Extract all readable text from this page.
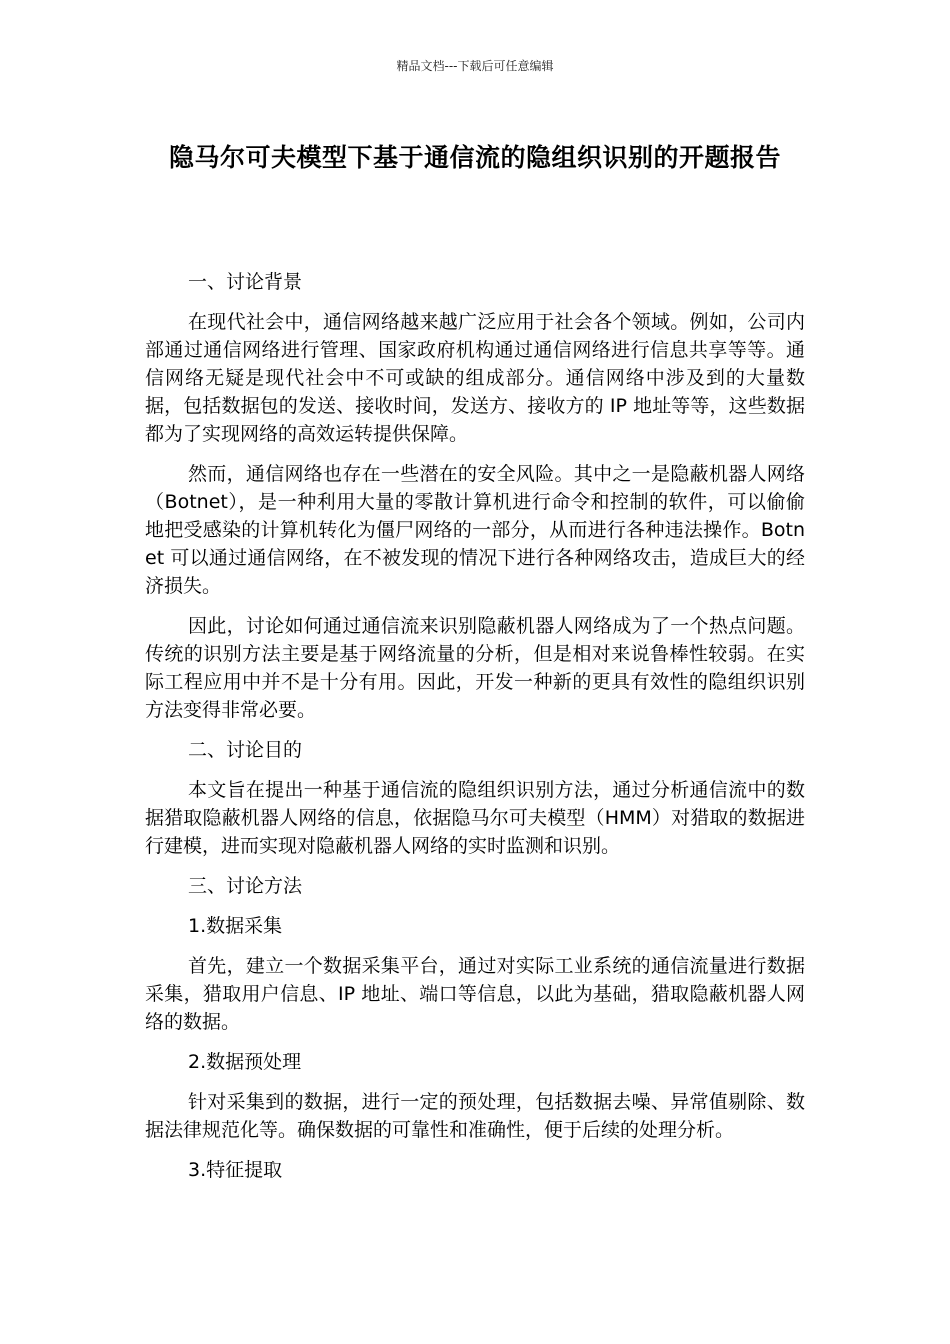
精品文档---下载后可任意编辑
隐马尔可夫模型下基于通信流的隐组织识别的开题报告
一、讨论背景

在现代社会中，通信网络越来越广泛应用于社会各个领域。例如，公司内部通过通信网络进行管理、国家政府机构通过通信网络进行信息共享等等。通信网络无疑是现代社会中不可或缺的组成部分。通信网络中涉及到的大量数据，包括数据包的发送、接收时间，发送方、接收方的 IP 地址等等，这些数据都为了实现网络的高效运转提供保障。

然而，通信网络也存在一些潜在的安全风险。其中之一是隐蔽机器人网络（Botnet），是一种利用大量的零散计算机进行命令和控制的软件，可以偷偷地把受感染的计算机转化为僵尸网络的一部分，从而进行各种违法操作。Botnet 可以通过通信网络，在不被发现的情况下进行各种网络攻击，造成巨大的经济损失。

因此，讨论如何通过通信流来识别隐蔽机器人网络成为了一个热点问题。传统的识别方法主要是基于网络流量的分析，但是相对来说鲁棒性较弱。在实际工程应用中并不是十分有用。因此，开发一种新的更具有效性的隐组织识别方法变得非常必要。

二、讨论目的

本文旨在提出一种基于通信流的隐组织识别方法，通过分析通信流中的数据猎取隐蔽机器人网络的信息，依据隐马尔可夫模型（HMM）对猎取的数据进行建模，进而实现对隐蔽机器人网络的实时监测和识别。

三、讨论方法
1.数据采集

首先，建立一个数据采集平台，通过对实际工业系统的通信流量进行数据采集，猎取用户信息、IP 地址、端口等信息，以此为基础，猎取隐蔽机器人网络的数据。

2.数据预处理

针对采集到的数据，进行一定的预处理，包括数据去噪、异常值剔除、数据法律规范化等。确保数据的可靠性和准确性，便于后续的处理分析。

3.特征提取
